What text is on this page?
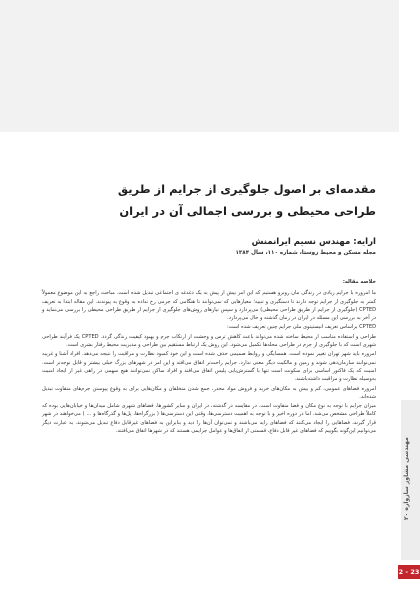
مقدمه‌ای بر اصول جلوگیری از جرایم از طریق
طراحی محیطی و بررسی اجمالی آن در ایران
ارایه: مهندس نسیم ایرانمنش
مجله مسکن و محیط روستا، شماره ۱۱۰، سال ۱۳۸۴

خلاصه مقاله:

ما امروزه با جرایم زیادی در زندگی مان روبرو هستیم که این امر بیش از پیش به یک دغدغه ی اجتماعی تبدیل شده است. مباحث راجع به این موضوع معمولاً کمتر به جلوگیری از جرایم توجه دارند تا دستگیری و تنبیه؛ معیارهایی که نمی‌توانند تا هنگامی که جرمی رخ نداده به وقوع به پیوندند. این مقاله ابتدا به تعریف CPTED (جلوگیری از جرایم از طریق طراحی محیطی) می‌پردازد و سپس نیازهای روش‌های جلوگیری از جرایم از طریق طراحی محیطی را بررسی می‌نماید و در آخر به بررسی این مسئله در ایران در زمان گذشته و حال می‌پردازد.

CPTED براساس تعریف انیستیتوی ملی جرایم چنین تعریف شده است:

طراحی و استفاده مناسب از محیط ساخته شده می‌تواند باعث کاهش ترس و وحشت از ارتکاب جرم و بهبود کیفیت زندگی گردد. CPTED یک فرآیند طراحی شهری است که با جلوگیری از جرم در طراحی محله‌ها تکمیل می‌شود. این روش یک ارتباط مستقیم بین طراحی و مدیریت محیط رفتار بشری است.

امروزه باید شهر تهران تغییر نموده است. همسایگی و روابط صمیمی حذف شده است و این خود کمبود نظارت و مراقبت را نتیجه می‌دهد. افراد آشنا و غریبه نمی‌توانند سازمان‌دهی شوند و زمین و مالکیت دیگر معنی ندارد. جرایم راحت‌تر اتفاق می‌افتد و این امر در شهرهای بزرگ خیلی بیشتر و قابل توجه‌تر است. امنیت که یک فاکتور اساسی برای سکونت است تنها با گسترش‌یابی پلیس اتفاق می‌افتد و افراد ساکن نمی‌توانند هیچ سهمی در راهی غیر از ایجاد امنیت به‌وسیله نظارت و مراقبت داشته‌باشند.

امروزه فضاهای عمومی، کم و بیش به مکان‌های خرید و فروش مواد مخدر، جمع شدن متخلفان و مکان‌هایی برای به وقوع پیوستن جرم‌های متفاوت تبدیل شده‌اند.

میزان جرایم با توجه به نوع مکان و فضا متفاوت است. در مقایسه در گذشته، در ایران و سایر کشورها، فضاهای شهری شامل میدان‌ها و خیابان‌هایی بوده که کاملاً طراحی مشخص می‌شد. اما در دوره اخیر و با توجه به اهمیت دسترسی‌ها، وقتی این دسترسی‌ها ( بزرگراه‌ها، پل‌ها و گذرگاه‌ها و ... ) می‌خواهند در شهر قرار گیرند، فضاهایی را ایجاد می‌کنند که فضاهای زاید می‌باشند و نمی‌توان آن‌ها را دید و بنابراین به فضاهای غیرقابل دفاع تبدیل می‌شوند. به عبارت دیگر می‌توانیم این‌گونه بگوییم که فضاهای غیر قابل دفاع، قسمتی از اتفاق‌ها و عوامل جرایمی هستند که در شهرها اتفاق می‌افتند.

مهندسی مشاور سازواره ۲۰
2 - 23
